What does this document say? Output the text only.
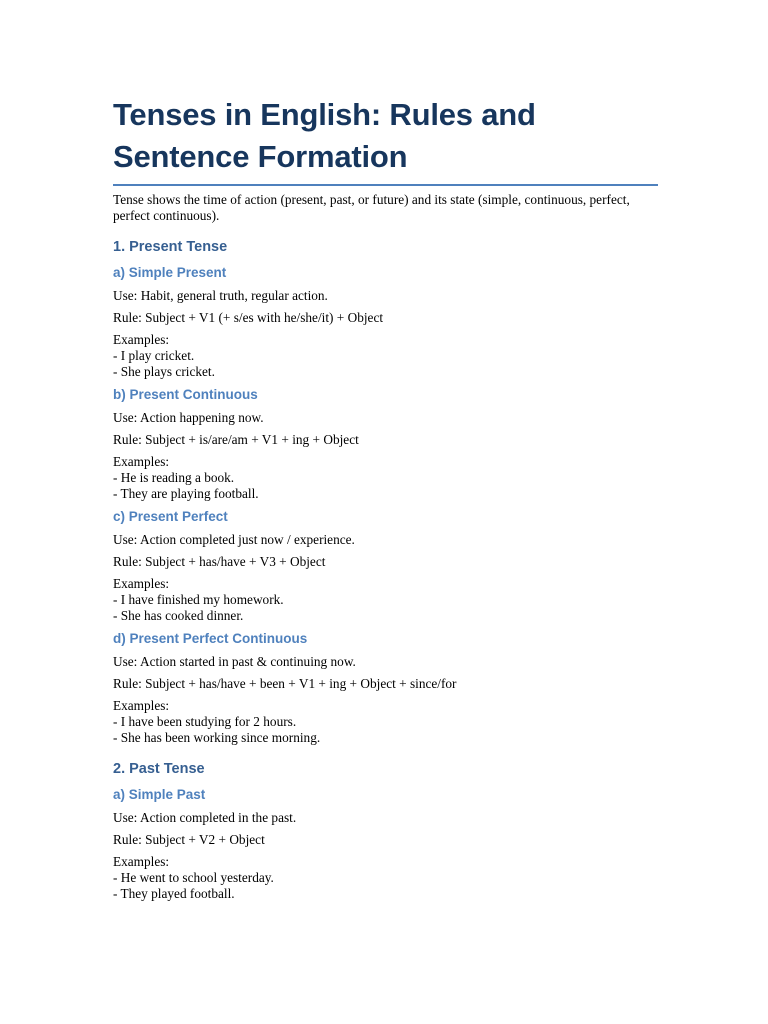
Tenses in English: Rules and Sentence Formation

Tense shows the time of action (present, past, or future) and its state (simple, continuous, perfect, perfect continuous).

1. Present Tense
a) Simple Present

Use: Habit, general truth, regular action.

Rule: Subject + V1 (+ s/es with he/she/it) + Object

Examples:
- I play cricket.
- She plays cricket.
b) Present Continuous

Use: Action happening now.

Rule: Subject + is/are/am + V1 + ing + Object

Examples:
- He is reading a book.
- They are playing football.
c) Present Perfect

Use: Action completed just now / experience.

Rule: Subject + has/have + V3 + Object

Examples:
- I have finished my homework.
- She has cooked dinner.
d) Present Perfect Continuous

Use: Action started in past & continuing now.

Rule: Subject + has/have + been + V1 + ing + Object + since/for

Examples:
- I have been studying for 2 hours.
- She has been working since morning.
2. Past Tense
a) Simple Past

Use: Action completed in the past.

Rule: Subject + V2 + Object

Examples:
- He went to school yesterday.
- They played football.
